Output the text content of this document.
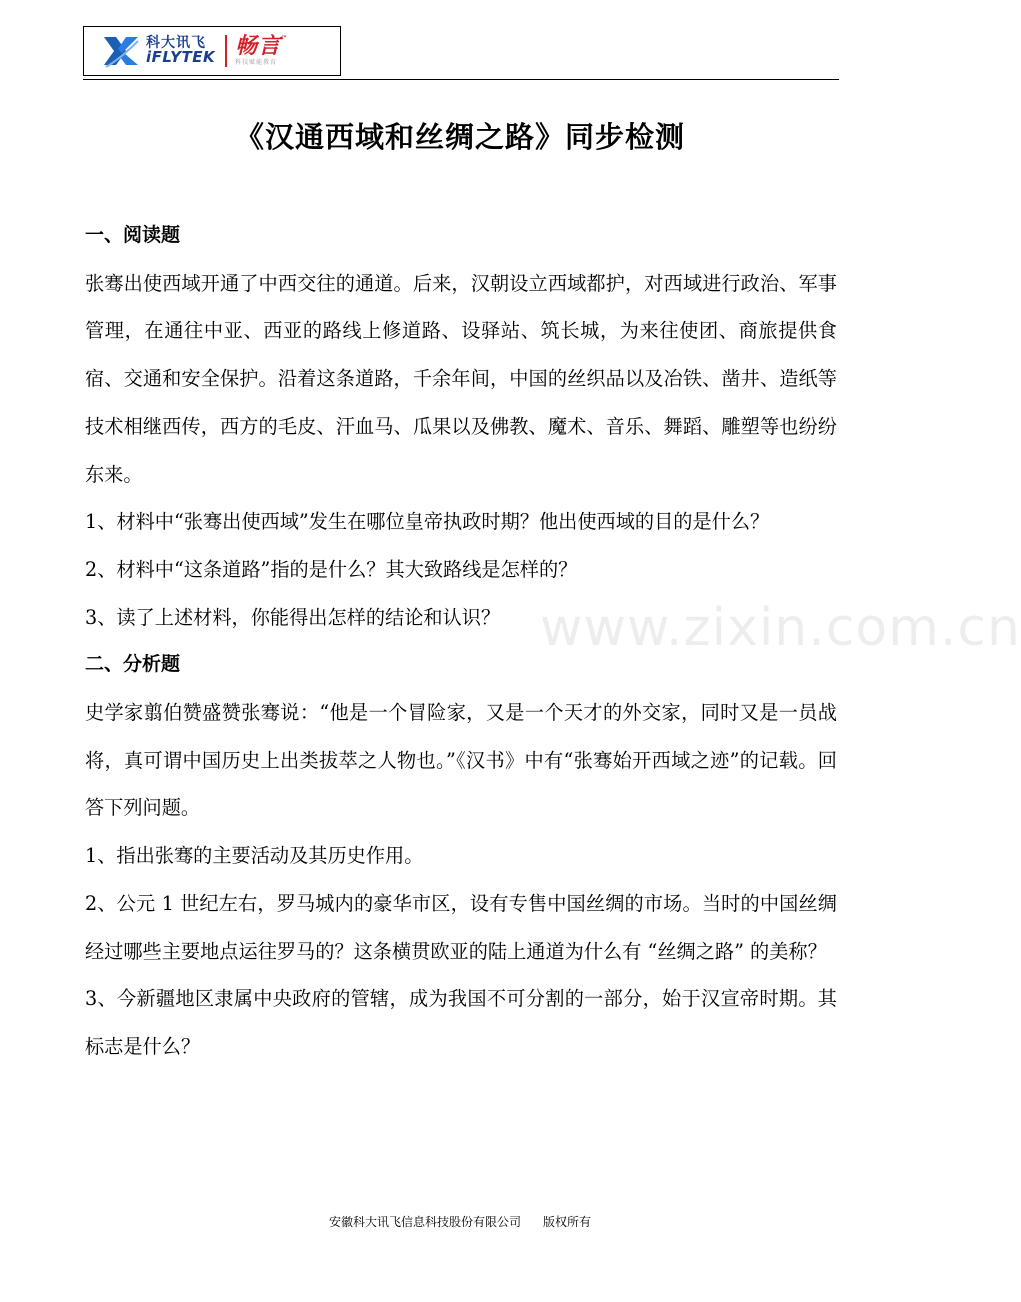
科大讯飞
iFLYTEK 畅言™
科技赋能教育
《汉通西域和丝绸之路》同步检测
www.zixin.com.cn
一、阅读题

张骞出使西域开通了中西交往的通道。后来，汉朝设立西域都护，对西域进行政治、军事管理，在通往中亚、西亚的路线上修道路、设驿站、筑长城，为来往使团、商旅提供食宿、交通和安全保护。沿着这条道路，千余年间，中国的丝织品以及冶铁、凿井、造纸等技术相继西传，西方的毛皮、汗血马、瓜果以及佛教、魔术、音乐、舞蹈、雕塑等也纷纷东来。

1、材料中“张骞出使西域”发生在哪位皇帝执政时期？他出使西域的目的是什么？

2、材料中“这条道路”指的是什么？其大致路线是怎样的？

3、读了上述材料，你能得出怎样的结论和认识？

二、分析题

史学家翦伯赞盛赞张骞说：“他是一个冒险家，又是一个天才的外交家，同时又是一员战将，真可谓中国历史上出类拔萃之人物也。”《汉书》中有“张骞始开西域之迹”的记载。回答下列问题。

1、指出张骞的主要活动及其历史作用。

2、公元 1 世纪左右，罗马城内的豪华市区，设有专售中国丝绸的市场。当时的中国丝绸经过哪些主要地点运往罗马的？这条横贯欧亚的陆上通道为什么有 “丝绸之路” 的美称？

3、今新疆地区隶属中央政府的管辖，成为我国不可分割的一部分，始于汉宣帝时期。其标志是什么？

安徽科大讯飞信息科技股份有限公司 版权所有
